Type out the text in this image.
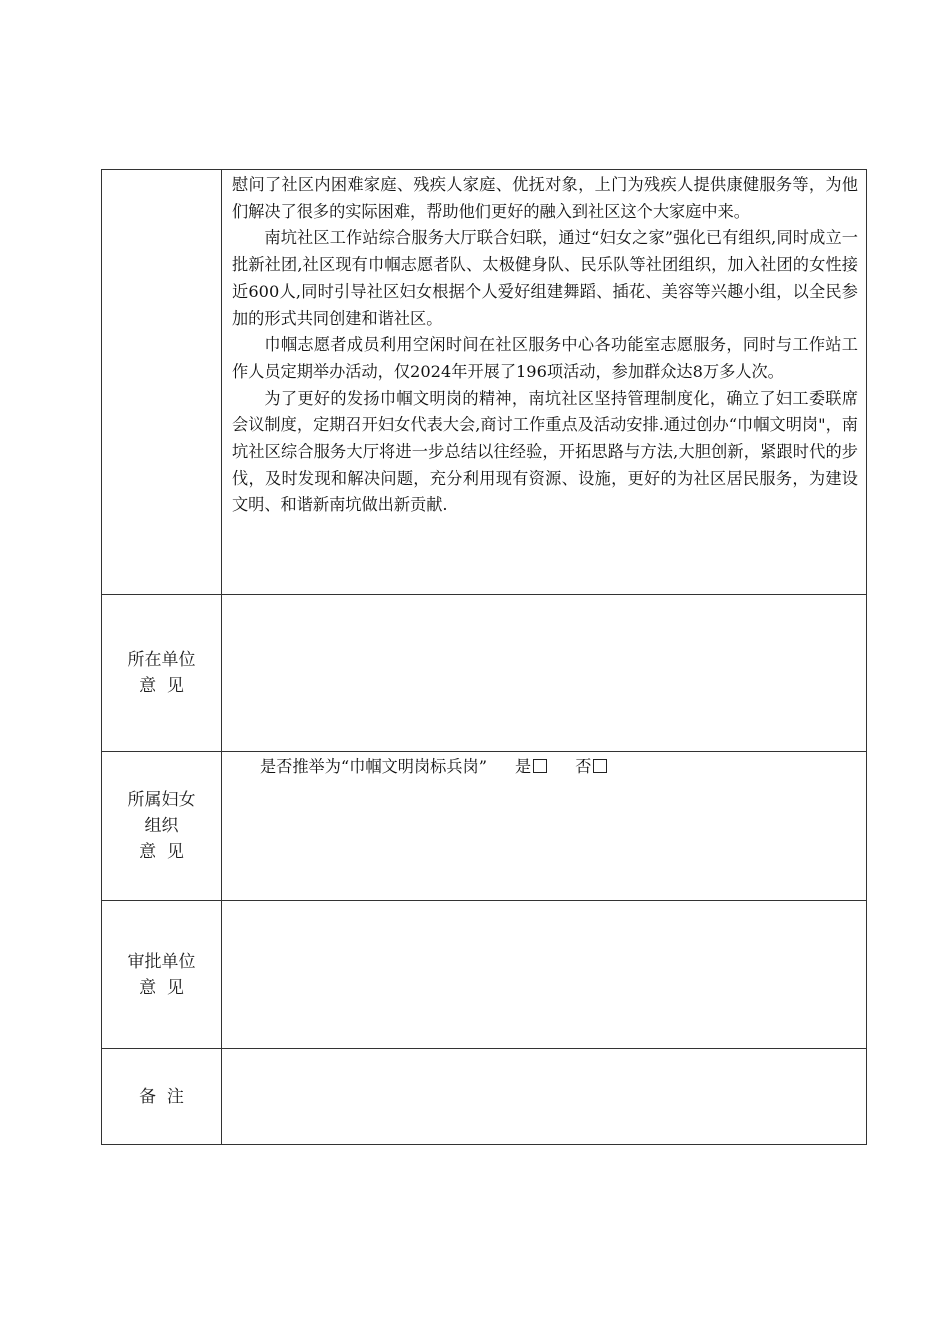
	慰问了社区内困难家庭、残疾人家庭、优抚对象，上门为残疾人提供康健服务等，为他们解决了很多的实际困难，帮助他们更好的融入到社区这个大家庭中来。

南坑社区工作站综合服务大厅联合妇联，通过“妇女之家”强化已有组织,同时成立一批新社团,社区现有巾帼志愿者队、太极健身队、民乐队等社团组织，加入社团的女性接近600人,同时引导社区妇女根据个人爱好组建舞蹈、插花、美容等兴趣小组，以全民参加的形式共同创建和谐社区。

巾帼志愿者成员利用空闲时间在社区服务中心各功能室志愿服务，同时与工作站工作人员定期举办活动，仅2024年开展了196项活动，参加群众达8万多人次。

为了更好的发扬巾帼文明岗的精神，南坑社区坚持管理制度化，确立了妇工委联席会议制度，定期召开妇女代表大会,商讨工作重点及活动安排.通过创办“巾帼文明岗"，南坑社区综合服务大厅将进一步总结以往经验，开拓思路与方法,大胆创新，紧跟时代的步伐，及时发现和解决问题，充分利用现有资源、设施，更好的为社区居民服务，为建设文明、和谐新南坑做出新贡献.

所在单位
意  见	

所属妇女
组织
意  见	是否推举为“巾帼文明岗标兵岗” 是 否

审批单位
意  见	

备  注	
